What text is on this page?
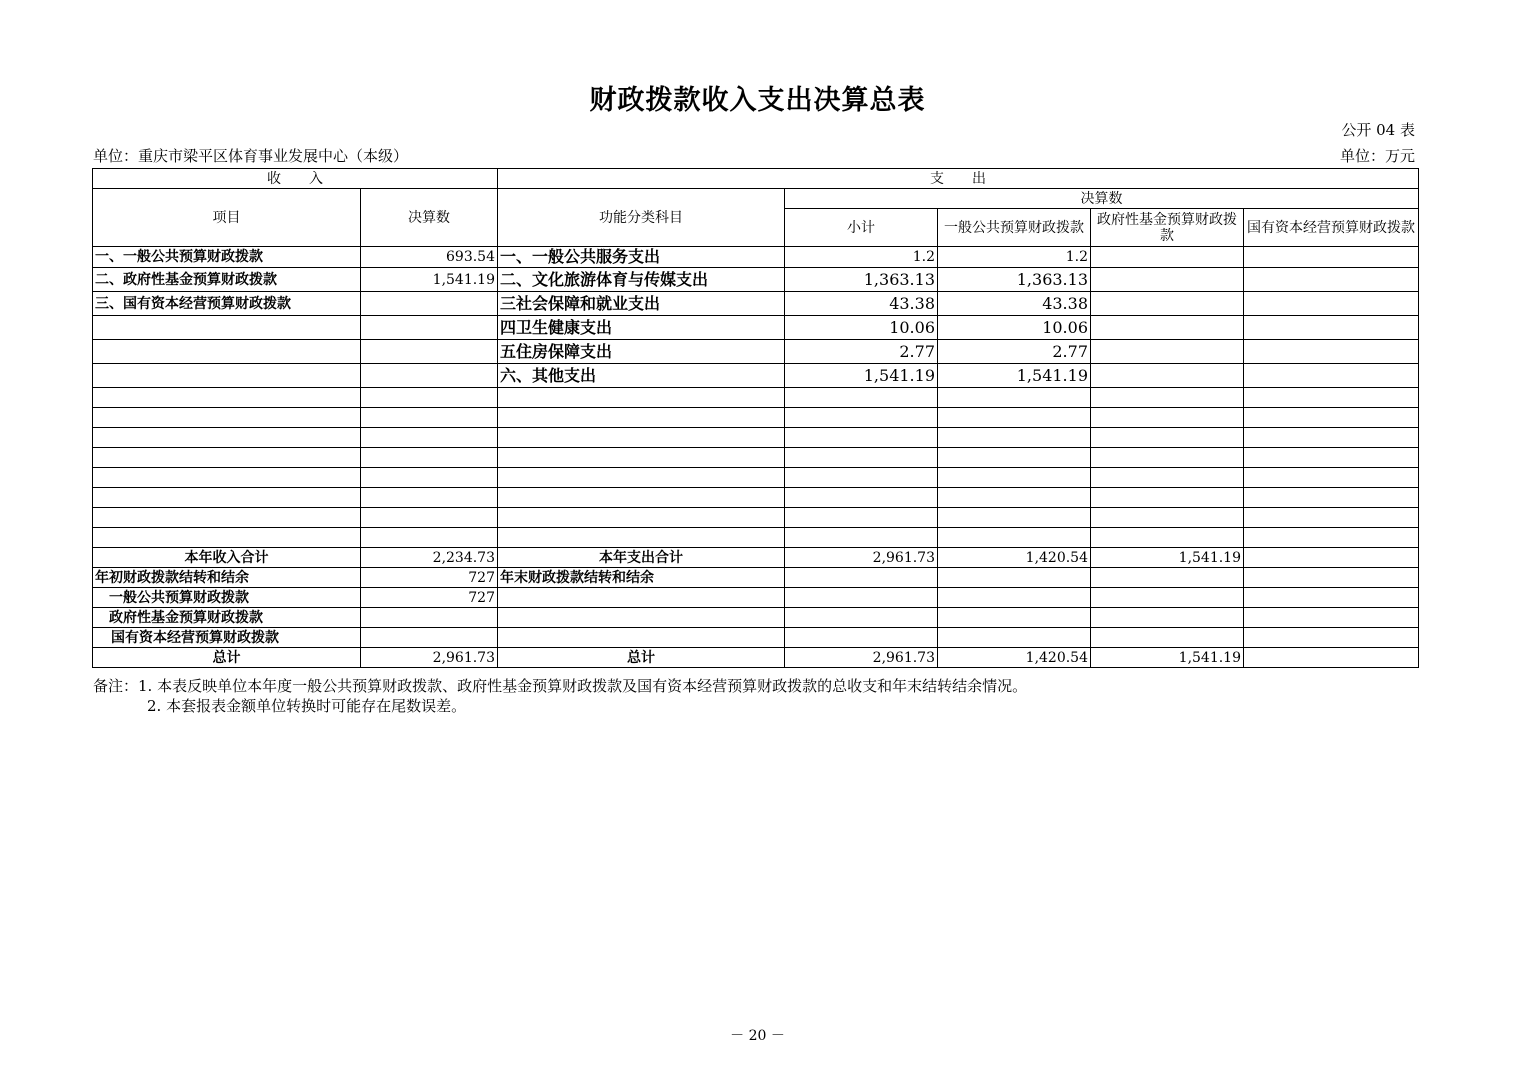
财政拨款收入支出决算总表
公开 04 表
单位：重庆市梁平区体育事业发展中心（本级）	单位：万元
收　　入		支　　出				
项目	决算数	功能分类科目	决算数			
			小计	一般公共预算财政拨款	政府性基金预算财政拨款	国有资本经营预算财政拨款
一、一般公共预算财政拨款	693.54	一、一般公共服务支出	1.2	1.2		
二、政府性基金预算财政拨款	1,541.19	二、文化旅游体育与传媒支出	1,363.13	1,363.13		
三、国有资本经营预算财政拨款		三社会保障和就业支出	43.38	43.38		
		四卫生健康支出	10.06	10.06		
		五住房保障支出	2.77	2.77		
		六、其他支出	1,541.19	1,541.19		

本年收入合计	2,234.73	本年支出合计	2,961.73	1,420.54	1,541.19	
年初财政拨款结转和结余	727	年末财政拨款结转和结余				
一般公共预算财政拨款	727					
政府性基金预算财政拨款						
国有资本经营预算财政拨款						
总计	2,961.73	总计	2,961.73	1,420.54	1,541.19	
备注：1. 本表反映单位本年度一般公共预算财政拨款、政府性基金预算财政拨款及国有资本经营预算财政拨款的总收支和年末结转结余情况。
2. 本套报表金额单位转换时可能存在尾数误差。
－ 20 －
